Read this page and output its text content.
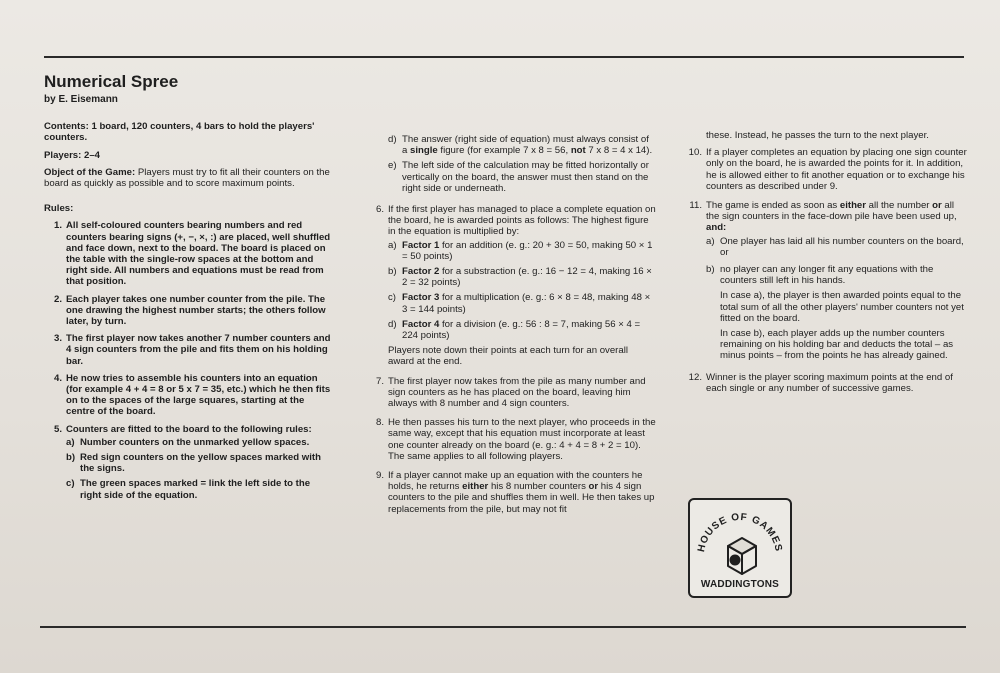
Numerical Spree
by E. Eisemann

Contents: 1 board, 120 counters, 4 bars to hold the players' counters.

Players: 2–4

Object of the Game: Players must try to fit all their counters on the board as quickly as possible and to score maximum points.

Rules:
1. All self-coloured counters bearing numbers and red counters bearing signs (+, −, ×, :) are placed, well shuffled and face down, next to the board. The board is placed on the table with the single-row spaces at the bottom and right side. All numbers and equations must be read from that position.
2. Each player takes one number counter from the pile. The one drawing the highest number starts; the others follow later, by turn.
3. The first player now takes another 7 number counters and 4 sign counters from the pile and fits them on his holding bar.
4. He now tries to assemble his counters into an equation (for example 4 + 4 = 8 or 5 x 7 = 35, etc.) which he then fits on to the spaces of the large squares, starting at the centre of the board.
5. Counters are fitted to the board to the following rules:
a) Number counters on the unmarked yellow spaces.
b) Red sign counters on the yellow spaces marked with the signs.
c) The green spaces marked = link the left side to the right side of the equation.
d) The answer (right side of equation) must always consist of a single figure (for example 7 x 8 = 56, not 7 x 8 = 4 x 14).
e) The left side of the calculation may be fitted horizontally or vertically on the board, the answer must then stand on the right side or underneath.
6. If the first player has managed to place a complete equation on the board, he is awarded points as follows: The highest figure in the equation is multiplied by:
a) Factor 1 for an addition (e. g.: 20 + 30 = 50, making 50 × 1 = 50 points)
b) Factor 2 for a substraction (e. g.: 16 − 12 = 4, making 16 × 2 = 32 points)
c) Factor 3 for a multiplication (e. g.: 6 × 8 = 48, making 48 × 3 = 144 points)
d) Factor 4 for a division (e. g.: 56 : 8 = 7, making 56 × 4 = 224 points)
Players note down their points at each turn for an overall award at the end.
7. The first player now takes from the pile as many number and sign counters as he has placed on the board, leaving him always with 8 number and 4 sign counters.
8. He then passes his turn to the next player, who proceeds in the same way, except that his equation must incorporate at least one counter already on the board (e. g.: 4 + 4 = 8 + 2 = 10). The same applies to all following players.
9. If a player cannot make up an equation with the counters he holds, he returns either his 8 number counters or his 4 sign counters to the pile and shuffles them in well. He then takes up replacements from the pile, but may not fit
these. Instead, he passes the turn to the next player.
10. If a player completes an equation by placing one sign counter only on the board, he is awarded the points for it. In addition, he is allowed either to fit another equation or to exchange his counters as described under 9.
11. The game is ended as soon as either all the number or all the sign counters in the face-down pile have been used up, and:
a) One player has laid all his number counters on the board, or
b) no player can any longer fit any equations with the counters still left in his hands.
In case a), the player is then awarded points equal to the total sum of all the other players' number counters not yet fitted on the board.
In case b), each player adds up the number counters remaining on his holding bar and deducts the total – as minus points – from the points he has already gained.
12. Winner is the player scoring maximum points at the end of each single or any number of successive games.
HOUSE OF GAMES
WADDINGTONS
